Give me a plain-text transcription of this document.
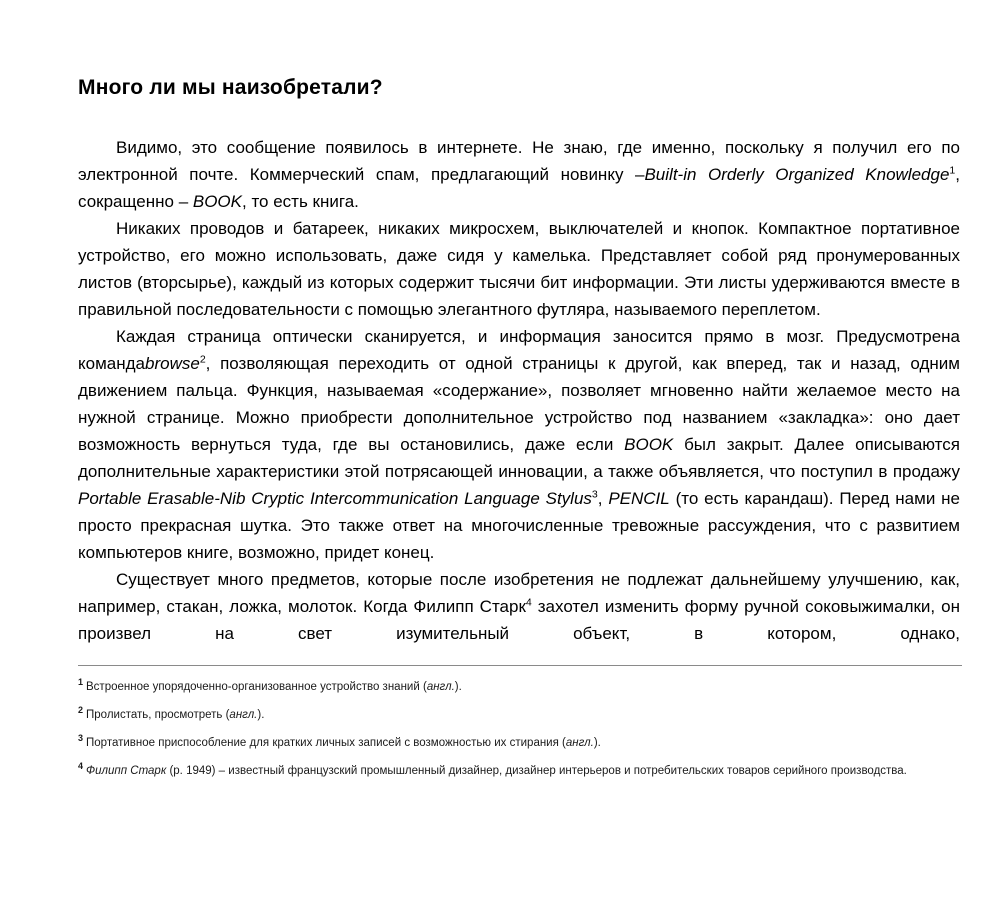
Много ли мы наизобретали?

Видимо, это сообщение появилось в интернете. Не знаю, где именно, поскольку я получил его по электронной почте. Коммерческий спам, предлагающий новинку –Built-in Orderly Organized Knowledge$^1$, сокращенно – BOOK, то есть книга.

Никаких проводов и батареек, никаких микросхем, выключателей и кнопок. Компактное портативное устройство, его можно использовать, даже сидя у камелька. Представляет собой ряд пронумерованных листов (вторсырье), каждый из которых содержит тысячи бит информации. Эти листы удерживаются вместе в правильной последовательности с помощью элегантного футляра, называемого переплетом.

Каждая страница оптически сканируется, и информация заносится прямо в мозг. Предусмотрена командаbrowse$^2$, позволяющая переходить от одной страницы к другой, как вперед, так и назад, одним движением пальца. Функция, называемая «содержание», позволяет мгновенно найти желаемое место на нужной странице. Можно приобрести дополнительное устройство под названием «закладка»: оно дает возможность вернуться туда, где вы остановились, даже если BOOK был закрыт. Далее описываются дополнительные характеристики этой потрясающей инновации, а также объявляется, что поступил в продажу Portable Erasable-Nib Cryptic Intercommunication Language Stylus$^3$, PENCIL (то есть карандаш). Перед нами не просто прекрасная шутка. Это также ответ на многочисленные тревожные рассуждения, что с развитием компьютеров книге, возможно, придет конец.

Существует много предметов, которые после изобретения не подлежат дальнейшему улучшению, как, например, стакан, ложка, молоток. Когда Филипп Старк$^4$ захотел изменить форму ручной соковыжималки, он произвел на свет изумительный объект, в котором, однако,

$^1$ Встроенное упорядоченно-организованное устройство знаний (англ.).

$^2$ Пролистать, просмотреть (англ.).

$^3$ Портативное приспособление для кратких личных записей с возможностью их стирания (англ.).

$^4$ Филипп Старк (р. 1949) – известный французский промышленный дизайнер, дизайнер интерьеров и потребительских товаров серийного производства.
